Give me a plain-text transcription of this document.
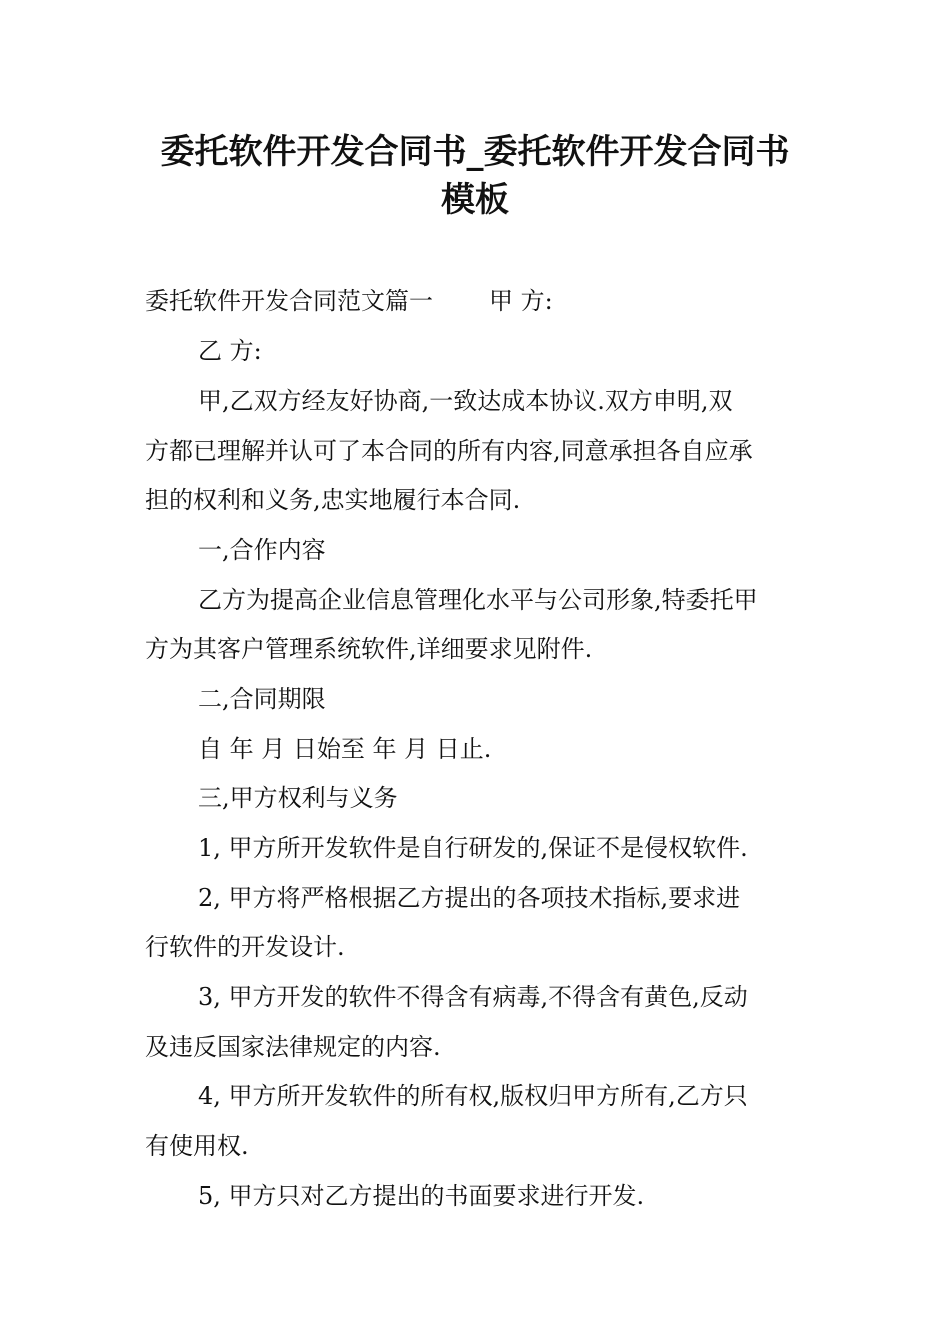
委托软件开发合同书_委托软件开发合同书
模板
委托软件开发合同范文篇一 甲 方:
乙 方:
甲,乙双方经友好协商,一致达成本协议.双方申明,双
方都已理解并认可了本合同的所有内容,同意承担各自应承
担的权利和义务,忠实地履行本合同.
一,合作内容
乙方为提高企业信息管理化水平与公司形象,特委托甲
方为其客户管理系统软件,详细要求见附件.
二,合同期限
自 年 月 日始至 年 月 日止.
三,甲方权利与义务
1, 甲方所开发软件是自行研发的,保证不是侵权软件.
2, 甲方将严格根据乙方提出的各项技术指标,要求进
行软件的开发设计.
3, 甲方开发的软件不得含有病毒,不得含有黄色,反动
及违反国家法律规定的内容.
4, 甲方所开发软件的所有权,版权归甲方所有,乙方只
有使用权.
5, 甲方只对乙方提出的书面要求进行开发.
